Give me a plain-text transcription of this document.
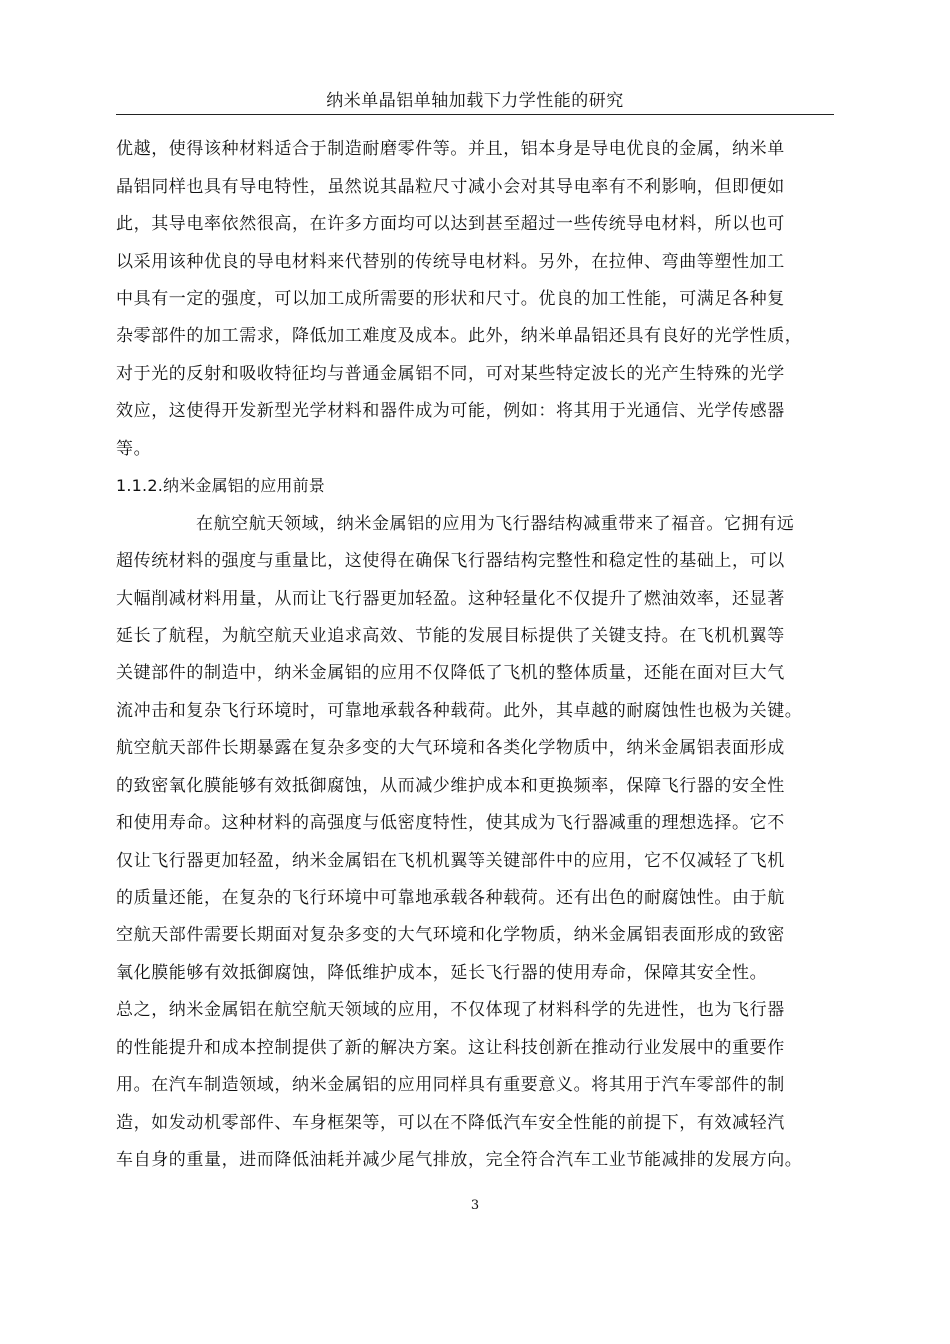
纳米单晶铝单轴加载下力学性能的研究
优越，使得该种材料适合于制造耐磨零件等。并且，铝本身是导电优良的金属，纳米单
晶铝同样也具有导电特性，虽然说其晶粒尺寸减小会对其导电率有不利影响，但即便如
此，其导电率依然很高，在许多方面均可以达到甚至超过一些传统导电材料，所以也可
以采用该种优良的导电材料来代替别的传统导电材料。另外，在拉伸、弯曲等塑性加工
中具有一定的强度，可以加工成所需要的形状和尺寸。优良的加工性能，可满足各种复
杂零部件的加工需求，降低加工难度及成本。此外，纳米单晶铝还具有良好的光学性质，
对于光的反射和吸收特征均与普通金属铝不同，可对某些特定波长的光产生特殊的光学
效应，这使得开发新型光学材料和器件成为可能，例如：将其用于光通信、光学传感器
等。
1.1.2.纳米金属铝的应用前景
在航空航天领域，纳米金属铝的应用为飞行器结构减重带来了福音。它拥有远
超传统材料的强度与重量比，这使得在确保飞行器结构完整性和稳定性的基础上，可以
大幅削减材料用量，从而让飞行器更加轻盈。这种轻量化不仅提升了燃油效率，还显著
延长了航程，为航空航天业追求高效、节能的发展目标提供了关键支持。在飞机机翼等
关键部件的制造中，纳米金属铝的应用不仅降低了飞机的整体质量，还能在面对巨大气
流冲击和复杂飞行环境时，可靠地承载各种载荷。此外，其卓越的耐腐蚀性也极为关键。
航空航天部件长期暴露在复杂多变的大气环境和各类化学物质中，纳米金属铝表面形成
的致密氧化膜能够有效抵御腐蚀，从而减少维护成本和更换频率，保障飞行器的安全性
和使用寿命。这种材料的高强度与低密度特性，使其成为飞行器减重的理想选择。它不
仅让飞行器更加轻盈，纳米金属铝在飞机机翼等关键部件中的应用，它不仅减轻了飞机
的质量还能，在复杂的飞行环境中可靠地承载各种载荷。还有出色的耐腐蚀性。由于航
空航天部件需要长期面对复杂多变的大气环境和化学物质，纳米金属铝表面形成的致密
氧化膜能够有效抵御腐蚀，降低维护成本，延长飞行器的使用寿命，保障其安全性。
总之，纳米金属铝在航空航天领域的应用，不仅体现了材料科学的先进性，也为飞行器
的性能提升和成本控制提供了新的解决方案。这让科技创新在推动行业发展中的重要作
用。在汽车制造领域，纳米金属铝的应用同样具有重要意义。将其用于汽车零部件的制
造，如发动机零部件、车身框架等，可以在不降低汽车安全性能的前提下，有效减轻汽
车自身的重量，进而降低油耗并减少尾气排放，完全符合汽车工业节能减排的发展方向。
3
